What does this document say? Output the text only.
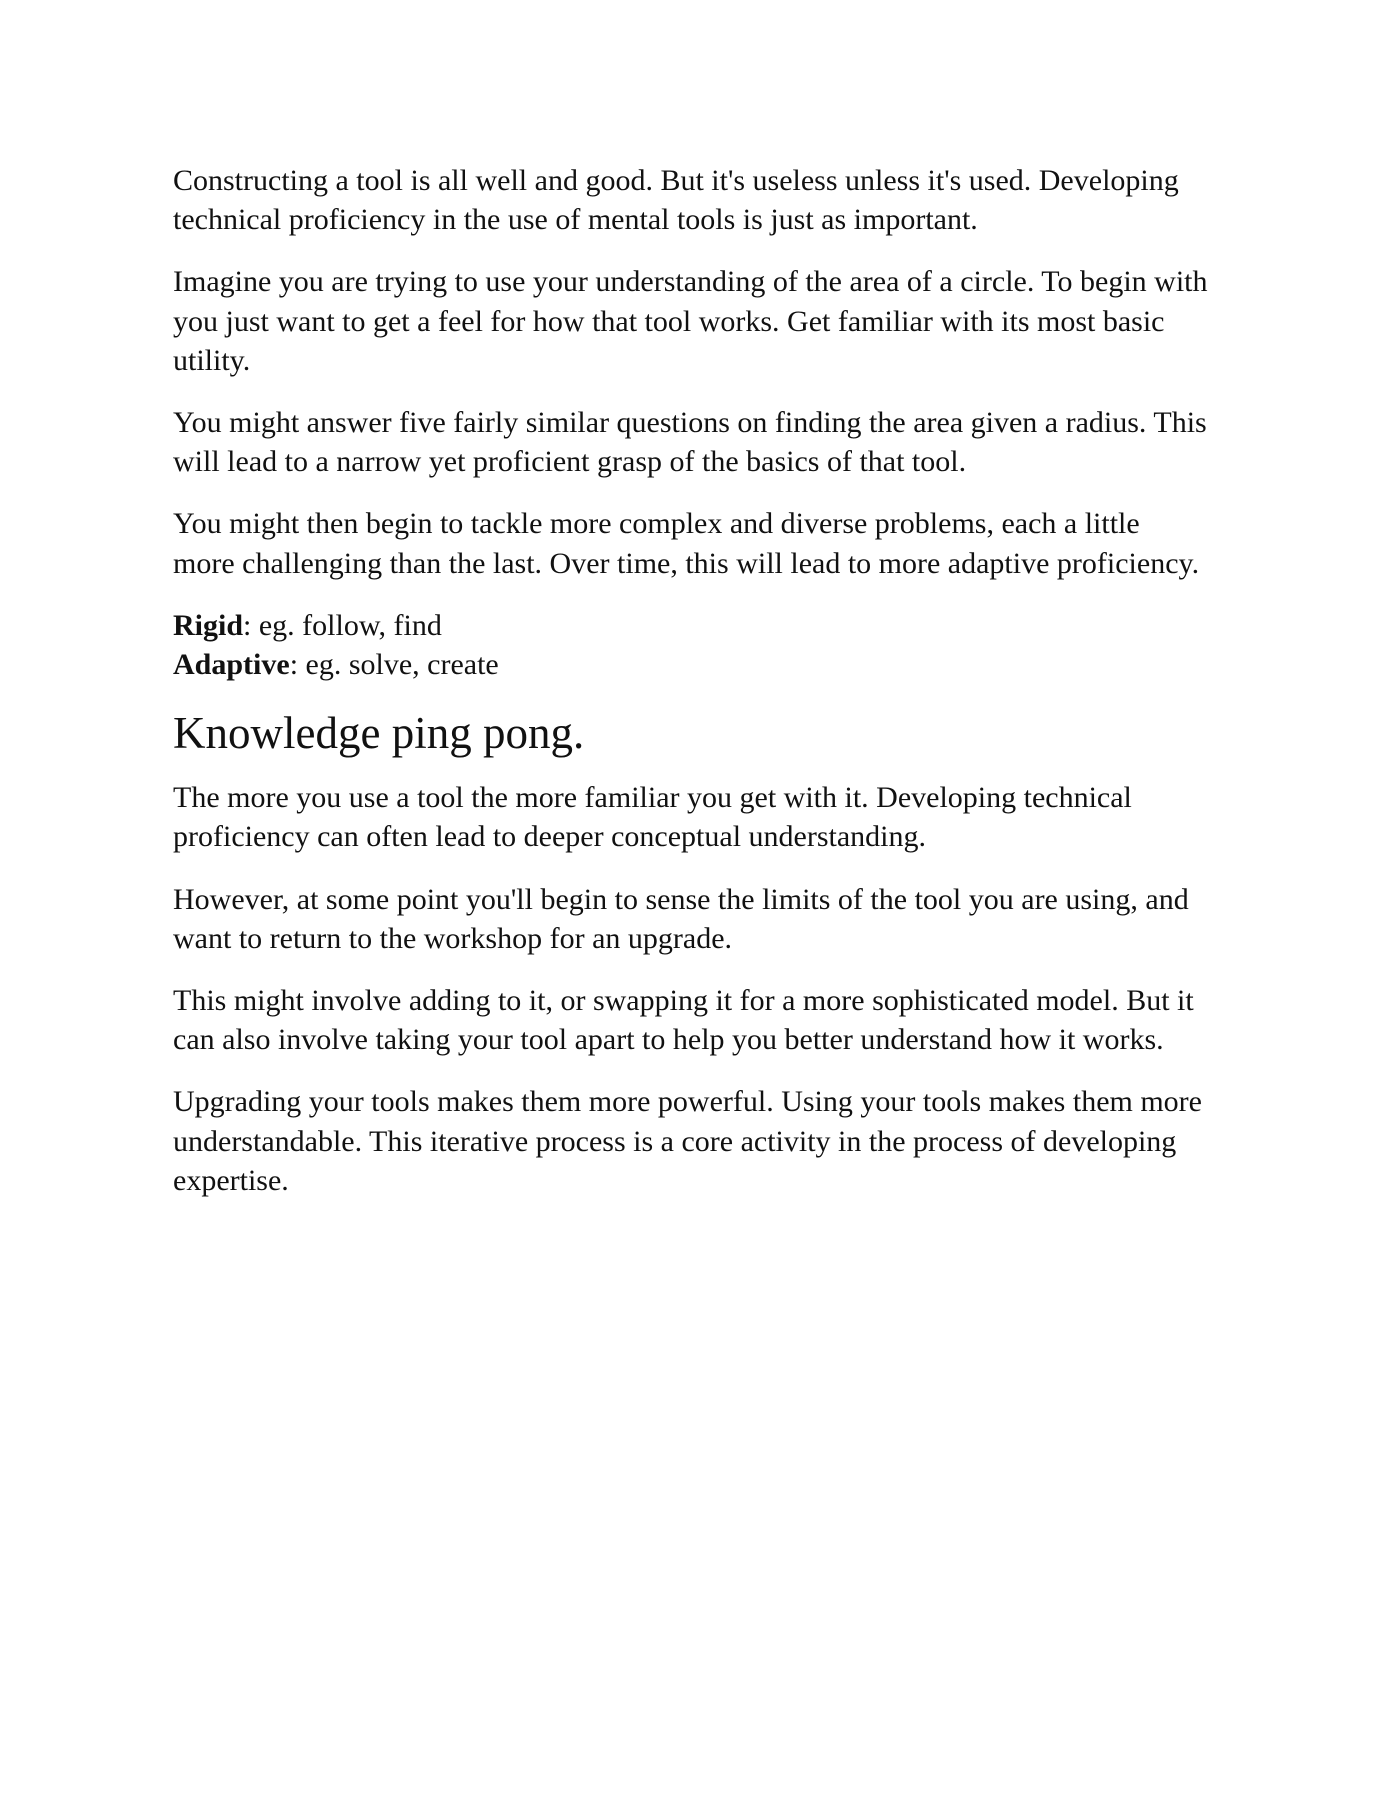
Constructing a tool is all well and good. But it's useless unless it's used. Developing technical proficiency in the use of mental tools is just as important.

Imagine you are trying to use your understanding of the area of a circle. To begin with you just want to get a feel for how that tool works. Get familiar with its most basic utility.

You might answer five fairly similar questions on finding the area given a radius. This will lead to a narrow yet proficient grasp of the basics of that tool.

You might then begin to tackle more complex and diverse problems, each a little more challenging than the last. Over time, this will lead to more adaptive proficiency.

Rigid: eg. follow, find
Adaptive: eg. solve, create

Knowledge ping pong.

The more you use a tool the more familiar you get with it. Developing technical proficiency can often lead to deeper conceptual understanding.

However, at some point you'll begin to sense the limits of the tool you are using, and want to return to the workshop for an upgrade.

This might involve adding to it, or swapping it for a more sophisticated model. But it can also involve taking your tool apart to help you better understand how it works.

Upgrading your tools makes them more powerful. Using your tools makes them more understandable. This iterative process is a core activity in the process of developing expertise.
